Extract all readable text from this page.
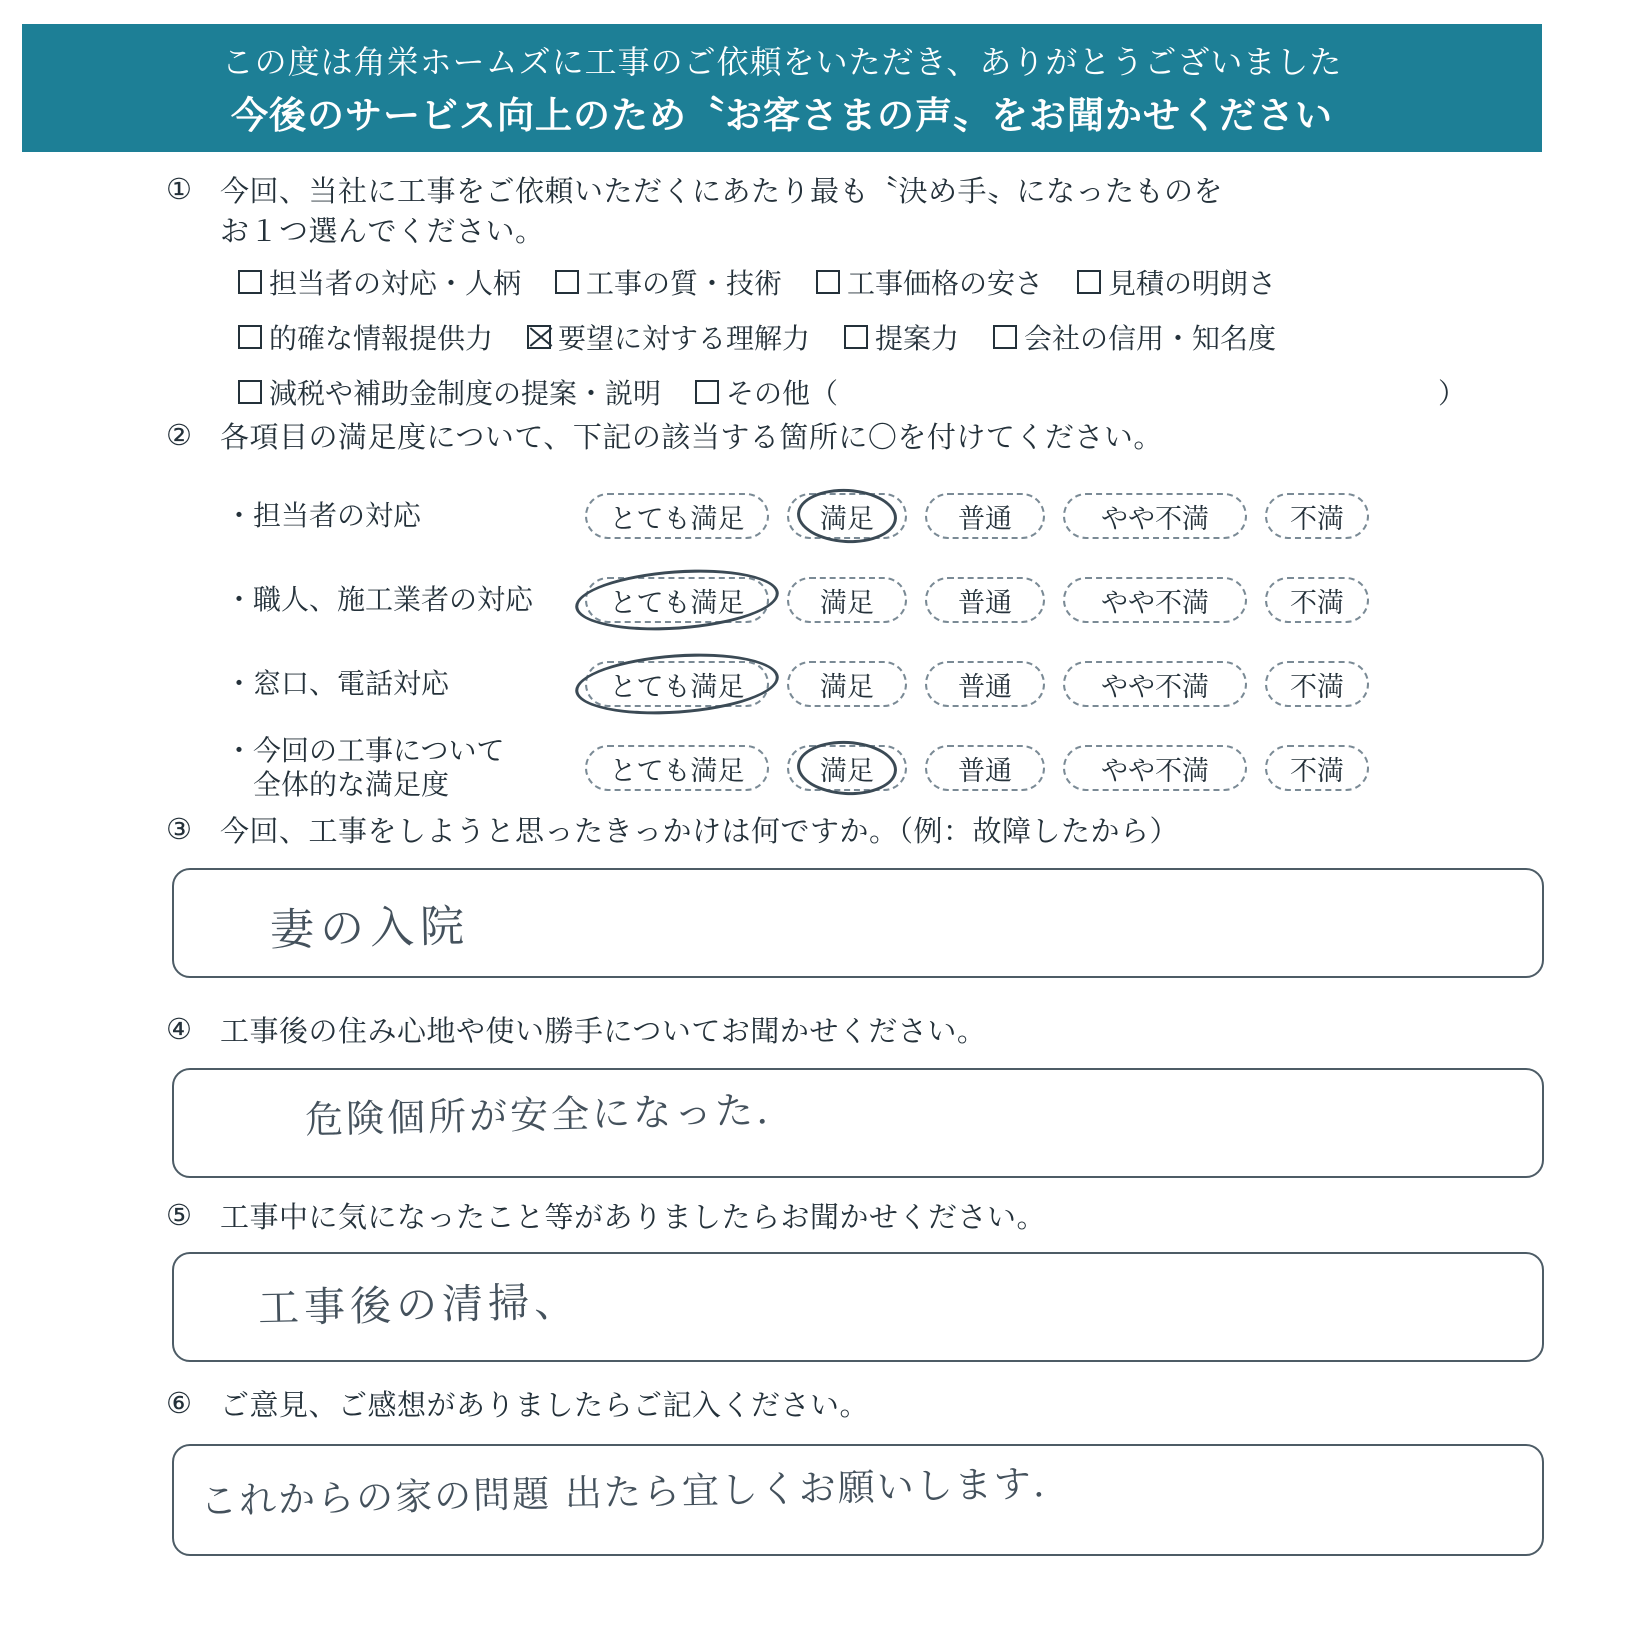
この度は角栄ホームズに工事のご依頼をいただき、ありがとうございました
今後のサービス向上のため〝お客さまの声〟をお聞かせください
① 今回、当社に工事をご依頼いただくにあたり最も〝決め手〟になったものを
お１つ選んでください。
担当者の対応・人柄 工事の質・技術 工事価格の安さ 見積の明朗さ
的確な情報提供力 要望に対する理解力 提案力 会社の信用・知名度
減税や補助金制度の提案・説明 その他（	）
② 各項目の満足度について、下記の該当する箇所に〇を付けてください。
・担当者の対応	とても満足	満足	普通	やや不満	不満
・職人、施工業者の対応	とても満足	満足	普通	やや不満	不満
・窓口、電話対応	とても満足	満足	普通	やや不満	不満
・今回の工事について
　全体的な満足度	とても満足	満足	普通	やや不満	不満
③ 今回、工事をしようと思ったきっかけは何ですか。（例：故障したから）
妻の入院
④ 工事後の住み心地や使い勝手についてお聞かせください。
危険個所が安全になった.
⑤ 工事中に気になったこと等がありましたらお聞かせください。
工事後の清掃、
⑥ ご意見、ご感想がありましたらご記入ください。
これからの家の問題 出たら宜しくお願いします.
